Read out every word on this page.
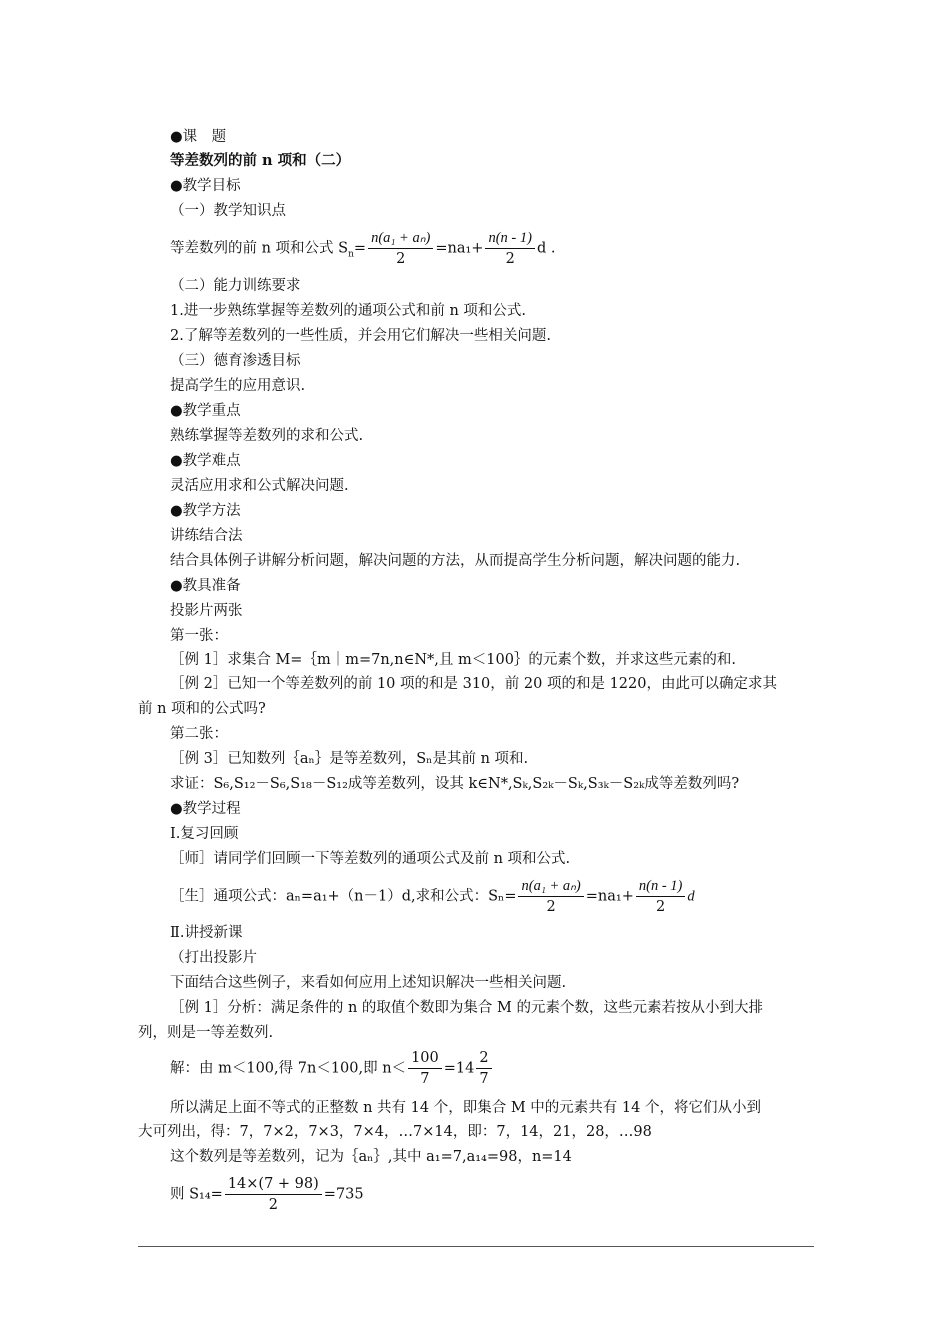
●课　题
等差数列的前 n 项和（二）
●教学目标
（一）教学知识点
等差数列的前 n 项和公式 $S_n= \frac{\text{n(a₁ + aₙ)}}{2} =na_1+ \frac{n(n - 1)}{2}$ d .
（二）能力训练要求
1.进一步熟练掌握等差数列的通项公式和前 n 项和公式.
2.了解等差数列的一些性质，并会用它们解决一些相关问题.
（三）德育渗透目标
提高学生的应用意识.
●教学重点
熟练掌握等差数列的求和公式.
●教学难点
灵活应用求和公式解决问题.
●教学方法
讲练结合法
结合具体例子讲解分析问题，解决问题的方法，从而提高学生分析问题，解决问题的能力.
●教具准备
投影片两张
第一张：
［例 1］求集合 M=｛m｜m=7n,n∈N*,且 m＜100｝的元素个数，并求这些元素的和.
［例 2］已知一个等差数列的前 10 项的和是 310，前 20 项的和是 1220，由此可以确定求其
前 n 项和的公式吗?
第二张：
［例 3］已知数列｛aₙ｝是等差数列，Sₙ是其前 n 项和.
求证：S₆,S₁₂－S₆,S₁₈－S₁₂成等差数列，设其 k∈N*,Sₖ,S₂ₖ－Sₖ,S₃ₖ－S₂ₖ成等差数列吗?
●教学过程
Ⅰ.复习回顾
［师］请同学们回顾一下等差数列的通项公式及前 n 项和公式.
［生］通项公式：aₙ=a₁+（n－1）d,求和公式：$S_n= \frac{\text{n(a₁ + aₙ)}}{2} =na_1+ \frac{n(n - 1)}{2}$ d
Ⅱ.讲授新课
（打出投影片
下面结合这些例子，来看如何应用上述知识解决一些相关问题.
［例 1］分析：满足条件的 n 的取值个数即为集合 M 的元素个数，这些元素若按从小到大排
列，则是一等差数列.
解：由 m＜100,得 7n＜100,即 $n< \frac{100}{7} =14 \frac{2}{7}$
所以满足上面不等式的正整数 n 共有 14 个，即集合 M 中的元素共有 14 个，将它们从小到
大可列出，得：7，7×2，7×3，7×4，…7×14，即：7，14，21，28，…98
这个数列是等差数列，记为｛aₙ｝,其中 a₁=7,a₁₄=98，n=14
则 $S_{14}= \frac{14\times(7 + 98)}{2} =735$
